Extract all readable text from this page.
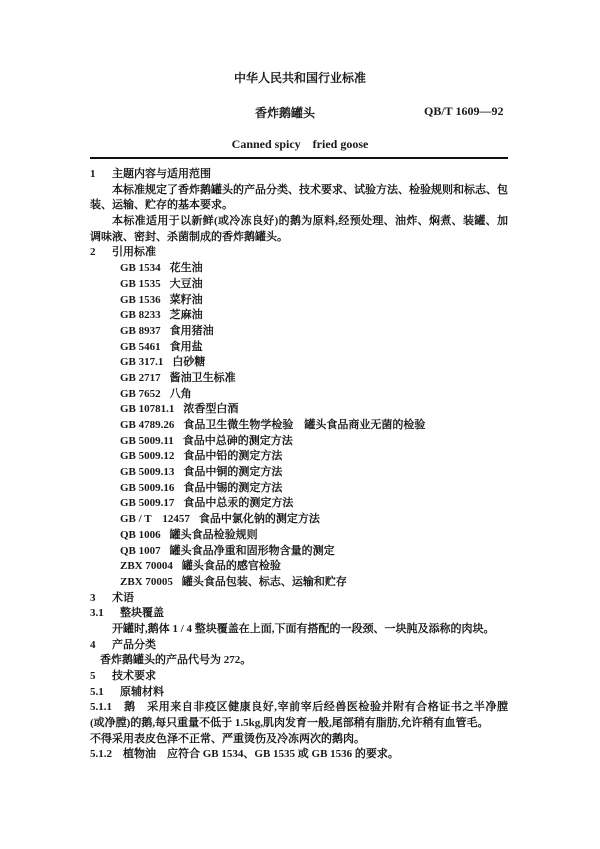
中华人民共和国行业标准
香炸鹅罐头	QB/T 1609—92
Canned spicy    fried goose
1 主题内容与适用范围
本标准规定了香炸鹅罐头的产品分类、技术要求、试验方法、检验规则和标志、包
装、运输、贮存的基本要求。
本标准适用于以新鲜(或冷冻良好)的鹅为原料,经预处理、油炸、焖煮、装罐、加
调味液、密封、杀菌制成的香炸鹅罐头。
2 引用标准
GB 1534 花生油
GB 1535 大豆油
GB 1536 菜籽油
GB 8233 芝麻油
GB 8937 食用猪油
GB 5461 食用盐
GB 317.1 白砂糖
GB 2717 酱油卫生标准
GB 7652 八角
GB 10781.1 浓香型白酒
GB 4789.26 食品卫生微生物学检验　罐头食品商业无菌的检验
GB 5009.11 食品中总砷的测定方法
GB 5009.12 食品中铅的测定方法
GB 5009.13 食品中铜的测定方法
GB 5009.16 食品中锡的测定方法
GB 5009.17 食品中总汞的测定方法
GB / T　12457 食品中氯化钠的测定方法
QB 1006 罐头食品检验规则
QB 1007 罐头食品净重和固形物含量的测定
ZBX 70004 罐头食品的感官检验
ZBX 70005 罐头食品包装、标志、运输和贮存
3 术语
3.1 整块覆盖
开罐时,鹅体 1 / 4 整块覆盖在上面,下面有搭配的一段颈、一块肫及添称的肉块。
4 产品分类
香炸鹅罐头的产品代号为 272。
5 技术要求
5.1 原辅材料
5.1.1　 鹅　 采用来自非疫区健康良好,宰前宰后经兽医检验并附有合格证书之半净膛
(或净膛)的鹅,每只重量不低于 1.5kg,肌肉发育一般,尾部稍有脂肪,允许稍有血管毛。
不得采用表皮色泽不正常、严重烫伤及冷冻两次的鹅肉。
5.1.2　 植物油　 应符合 GB 1534、GB 1535 或 GB 1536 的要求。
